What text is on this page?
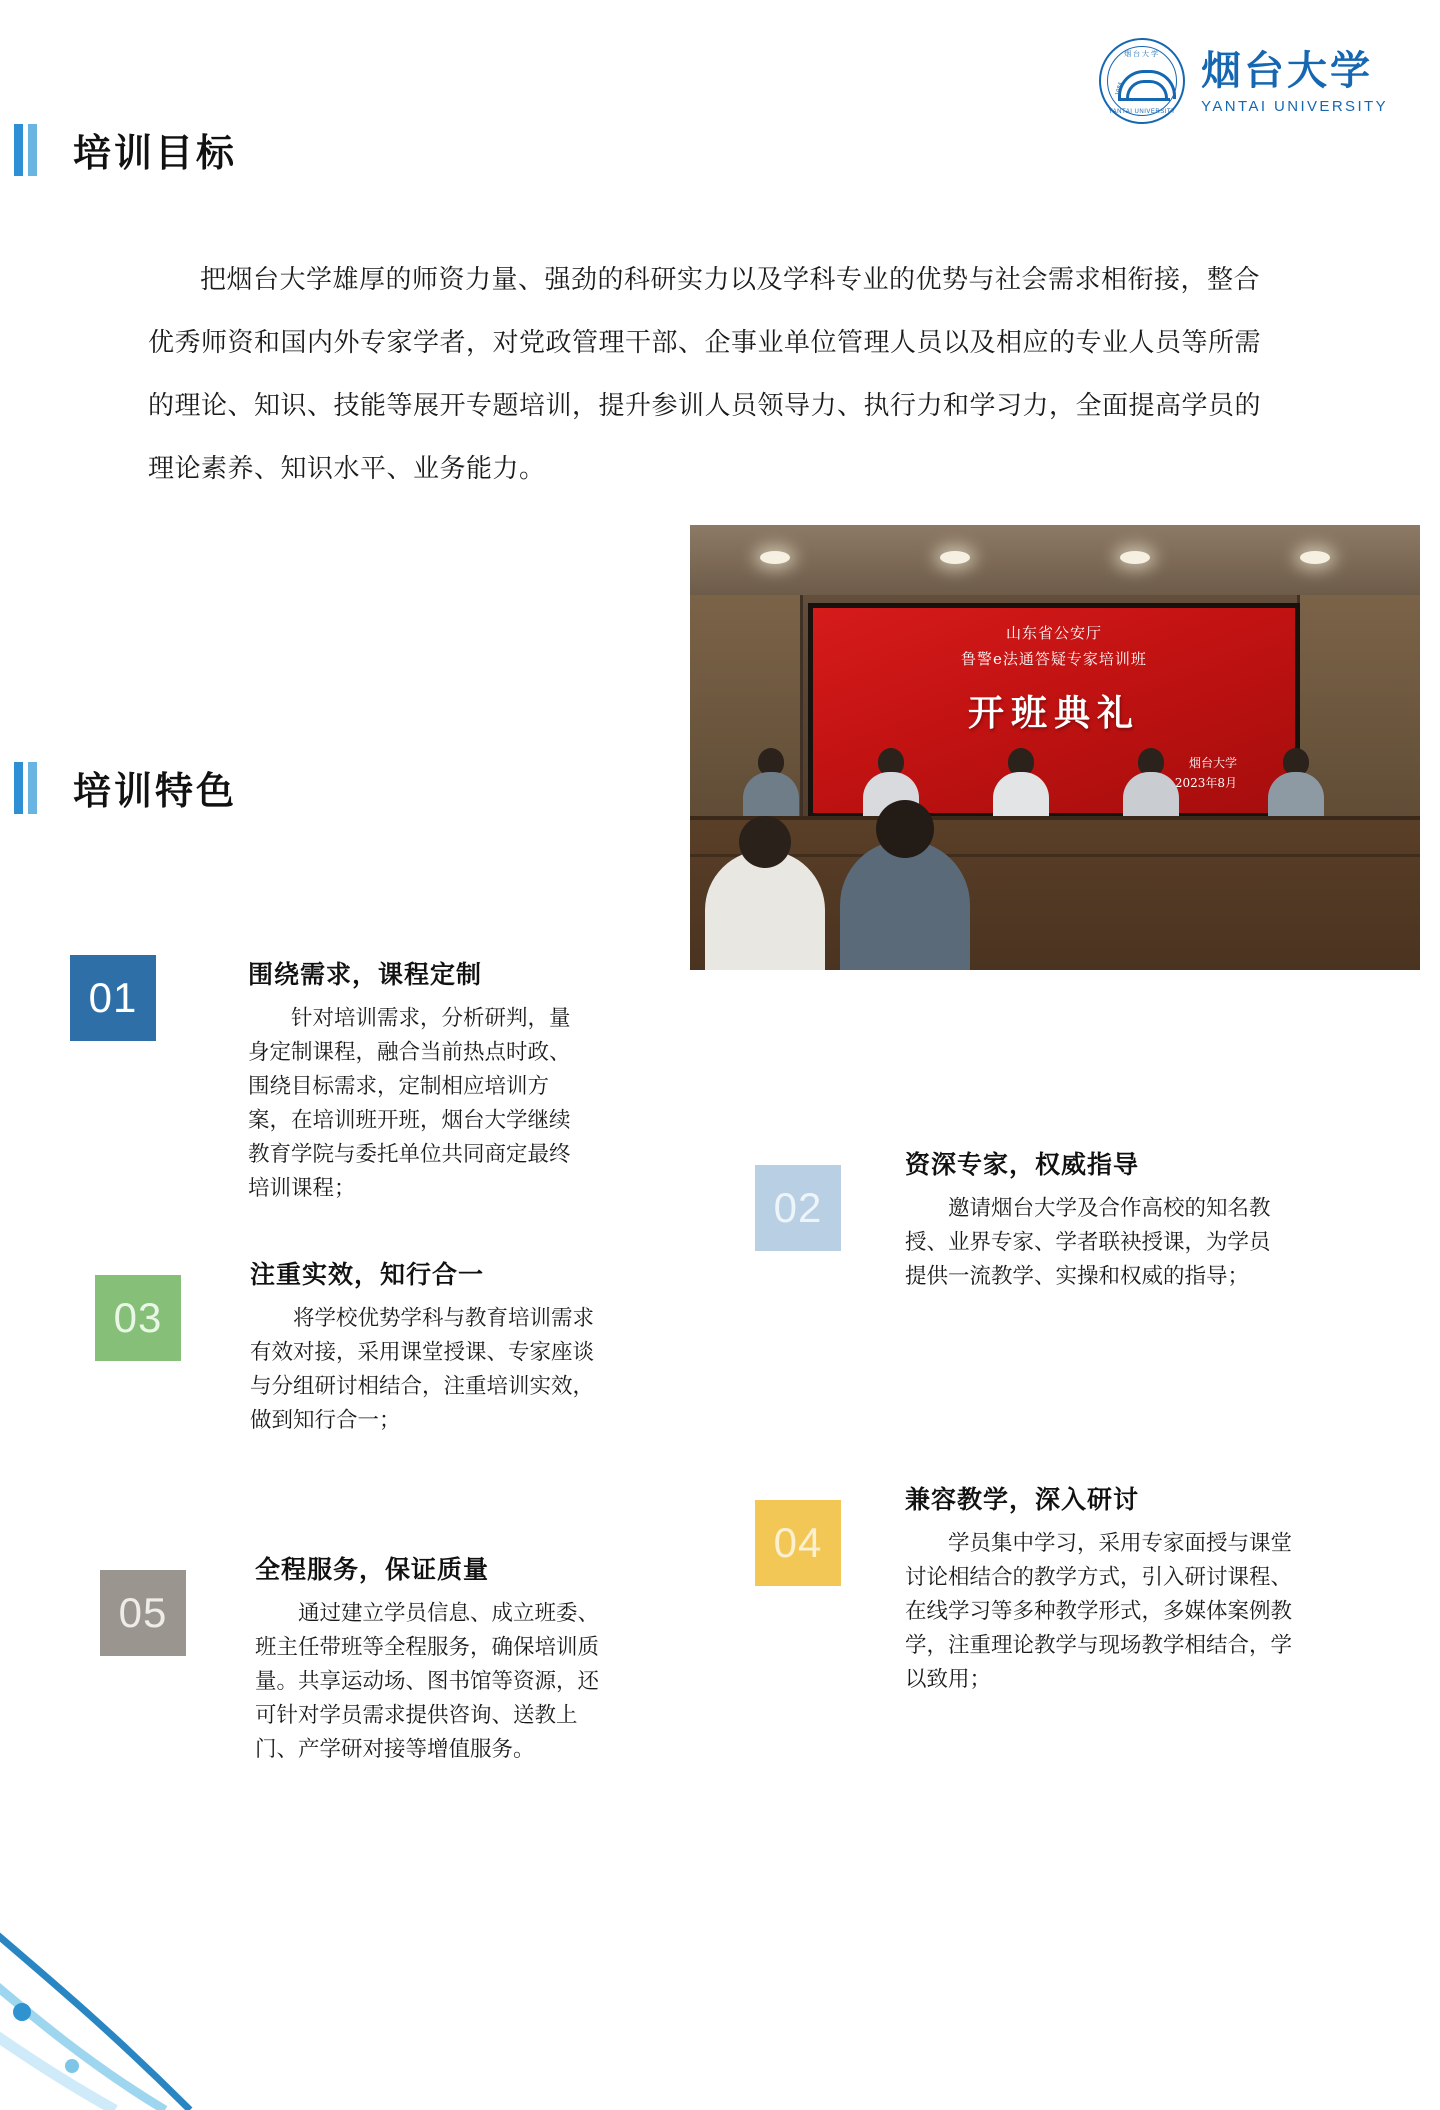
烟台大学
1984
YANTAI UNIVERSITY
烟台大学
YANTAI UNIVERSITY
培训目标
把烟台大学雄厚的师资力量、强劲的科研实力以及学科专业的优势与社会需求相衔接，整合优秀师资和国内外专家学者，对党政管理干部、企事业单位管理人员以及相应的专业人员等所需的理论、知识、技能等展开专题培训，提升参训人员领导力、执行力和学习力，全面提高学员的理论素养、知识水平、业务能力。
培训特色
山东省公安厅
鲁警e法通答疑专家培训班
开班典礼
烟台大学
2023年8月
01	围绕需求，课程定制
针对培训需求，分析研判，量身定制课程，融合当前热点时政、围绕目标需求，定制相应培训方案，在培训班开班，烟台大学继续教育学院与委托单位共同商定最终培训课程；	02
资深专家，权威指导
邀请烟台大学及合作高校的知名教授、业界专家、学者联袂授课，为学员提供一流教学、实操和权威的指导；
03
注重实效，知行合一
将学校优势学科与教育培训需求有效对接，采用课堂授课、专家座谈与分组研讨相结合，注重培训实效，做到知行合一；
04
兼容教学，深入研讨
学员集中学习，采用专家面授与课堂讨论相结合的教学方式，引入研讨课程、在线学习等多种教学形式，多媒体案例教学，注重理论教学与现场教学相结合，学以致用；
05
全程服务，保证质量
通过建立学员信息、成立班委、班主任带班等全程服务，确保培训质量。共享运动场、图书馆等资源，还可针对学员需求提供咨询、送教上门、产学研对接等增值服务。
